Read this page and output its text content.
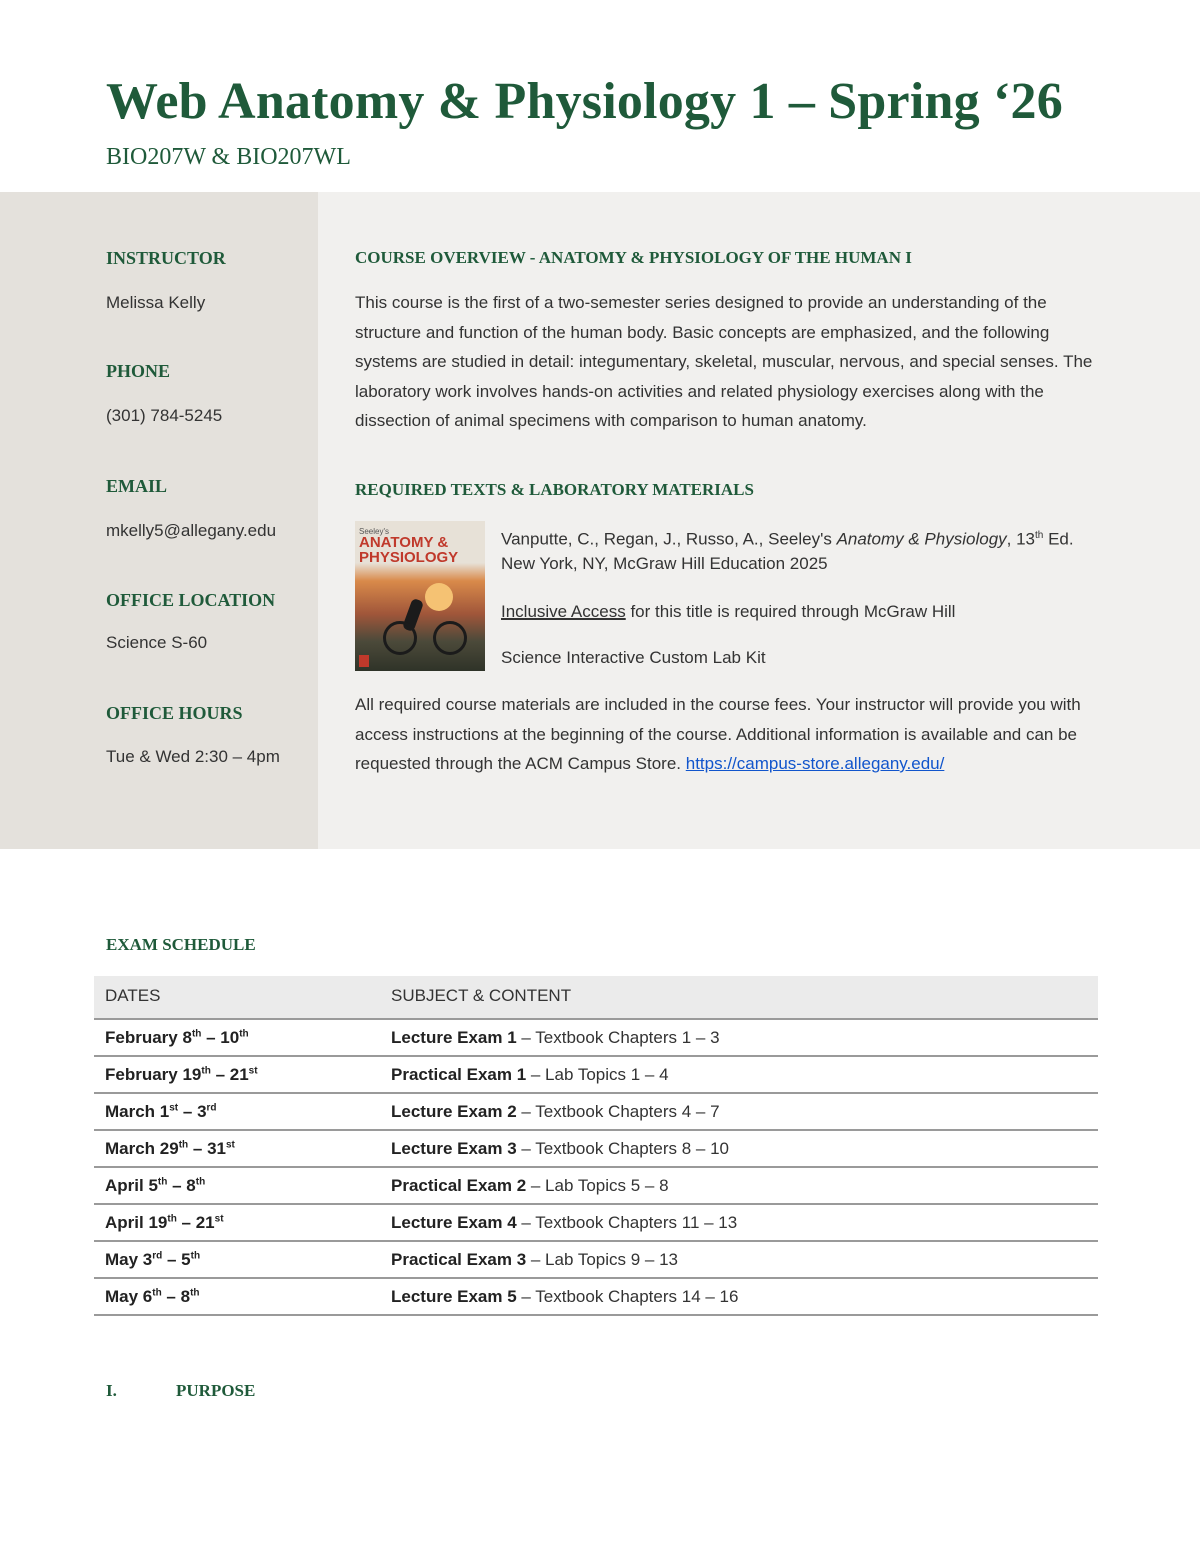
Web Anatomy & Physiology 1 – Spring ‘26
BIO207W & BIO207WL

INSTRUCTOR

Melissa Kelly

PHONE

(301) 784-5245

EMAIL

mkelly5@allegany.edu

OFFICE LOCATION

Science S-60

OFFICE HOURS

Tue & Wed 2:30 – 4pm

COURSE OVERVIEW - ANATOMY & PHYSIOLOGY OF THE HUMAN I

This course is the first of a two-semester series designed to provide an understanding of the structure and function of the human body. Basic concepts are emphasized, and the following systems are studied in detail: integumentary, skeletal, muscular, nervous, and special senses. The laboratory work involves hands-on activities and related physiology exercises along with the dissection of animal specimens with comparison to human anatomy.

REQUIRED TEXTS & LABORATORY MATERIALS

Seeley's
ANATOMY & PHYSIOLOGY

Vanputte, C., Regan, J., Russo, A., Seeley's Anatomy & Physiology, 13th Ed.

New York, NY, McGraw Hill Education 2025

Inclusive Access for this title is required through McGraw Hill

Science Interactive Custom Lab Kit

All required course materials are included in the course fees. Your instructor will provide you with access instructions at the beginning of the course. Additional information is available and can be requested through the ACM Campus Store. https://campus-store.allegany.edu/

EXAM SCHEDULE

DATES	SUBJECT & CONTENT
February 8th – 10th	Lecture Exam 1 – Textbook Chapters 1 – 3
February 19th – 21st	Practical Exam 1 – Lab Topics 1 – 4
March 1st – 3rd	Lecture Exam 2 – Textbook Chapters 4 – 7
March 29th – 31st	Lecture Exam 3 – Textbook Chapters 8 – 10
April 5th – 8th	Practical Exam 2 – Lab Topics 5 – 8
April 19th – 21st	Lecture Exam 4 – Textbook Chapters 11 – 13
May 3rd – 5th	Practical Exam 3 – Lab Topics 9 – 13
May 6th – 8th	Lecture Exam 5 – Textbook Chapters 14 – 16

I.	PURPOSE
